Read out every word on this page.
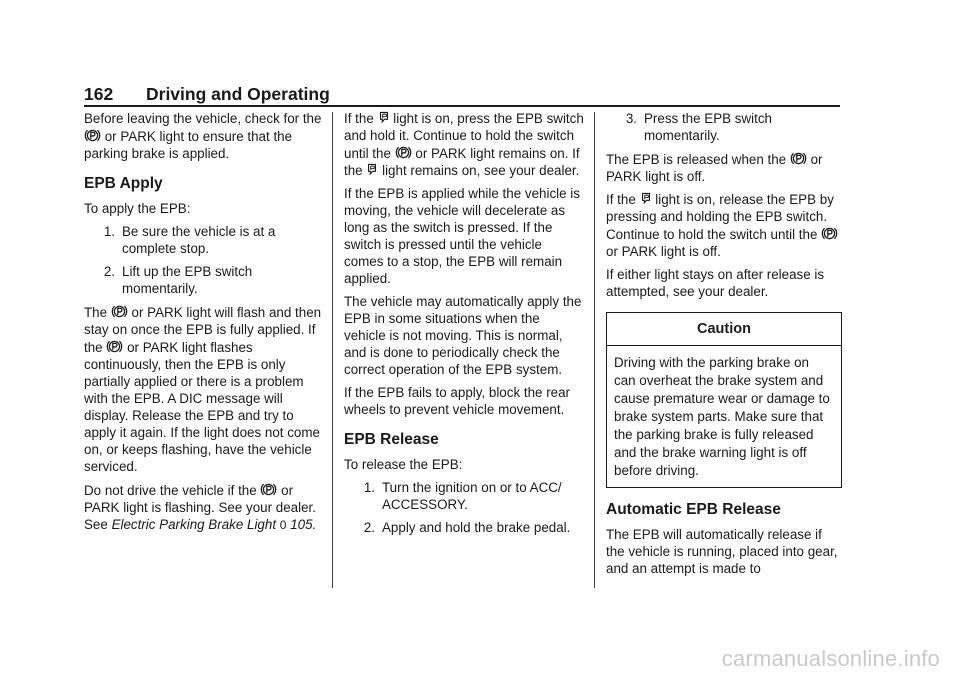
162 Driving and Operating

Before leaving the vehicle, check for the  or PARK light to ensure that the parking brake is applied.

EPB Apply

To apply the EPB:

1. Be sure the vehicle is at a complete stop.
2. Lift up the EPB switch momentarily.

The or PARK light will flash and then stay on once the EPB is fully applied. If the or PARK light flashes continuously, then the EPB is only partially applied or there is a problem with the EPB. A DIC message will display. Release the EPB and try to apply it again. If the light does not come on, or keeps flashing, have the vehicle serviced.

Do not drive the vehicle if the or PARK light is flashing. See your dealer. See Electric Parking Brake Light 0 105.

If the light is on, press the EPB switch and hold it. Continue to hold the switch until the or PARK light remains on. If the light remains on, see your dealer.

If the EPB is applied while the vehicle is moving, the vehicle will decelerate as long as the switch is pressed. If the switch is pressed until the vehicle comes to a stop, the EPB will remain applied.

The vehicle may automatically apply the EPB in some situations when the vehicle is not moving. This is normal, and is done to periodically check the correct operation of the EPB system.

If the EPB fails to apply, block the rear wheels to prevent vehicle movement.

EPB Release

To release the EPB:

1. Turn the ignition on or to ACC/ ACCESSORY.
2. Apply and hold the brake pedal.
3. Press the EPB switch momentarily.

The EPB is released when the or PARK light is off.

If the light is on, release the EPB by pressing and holding the EPB switch. Continue to hold the switch until the  or PARK light is off.

If either light stays on after release is attempted, see your dealer.

Caution
Driving with the parking brake on can overheat the brake system and cause premature wear or damage to brake system parts. Make sure that the parking brake is fully released and the brake warning light is off before driving.
Automatic EPB Release

The EPB will automatically release if the vehicle is running, placed into gear, and an attempt is made to

carmanualsonline.info
